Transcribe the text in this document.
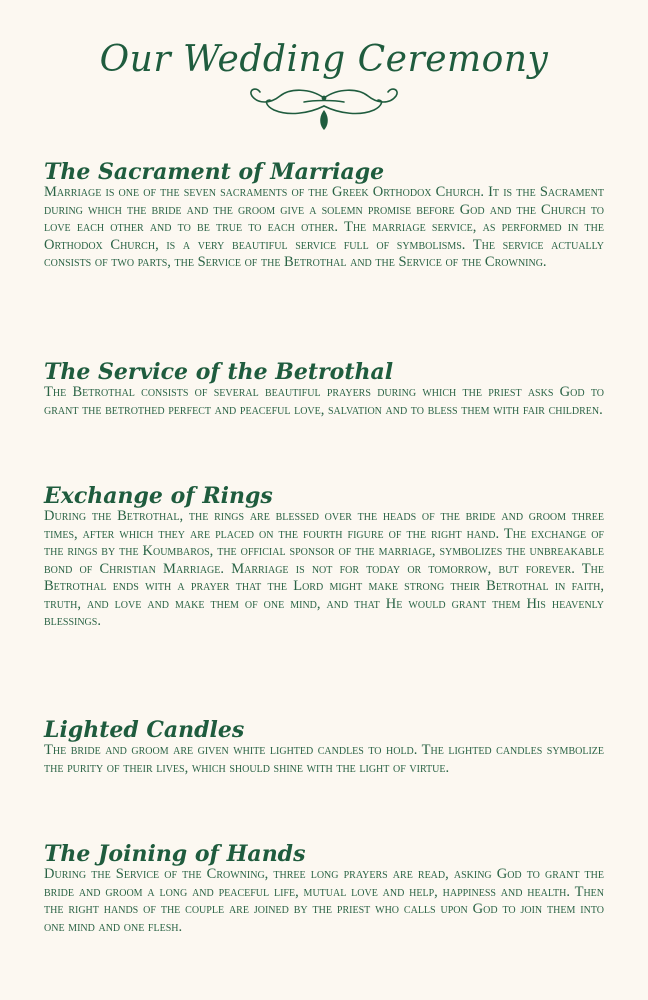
Our Wedding Ceremony
The Sacrament of Marriage

Marriage is one of the seven sacraments of the Greek Orthodox Church. It is the Sacrament during which the bride and the groom give a solemn promise before God and the Church to love each other and to be true to each other. The marriage service, as performed in the Orthodox Church, is a very beautiful service full of symbolisms. The service actually consists of two parts, the Service of the Betrothal and the Service of the Crowning.

The Service of the Betrothal

The Betrothal consists of several beautiful prayers during which the priest asks God to grant the betrothed perfect and peaceful love, salvation and to bless them with fair children.

Exchange of Rings

During the Betrothal, the rings are blessed over the heads of the bride and groom three times, after which they are placed on the fourth figure of the right hand. The exchange of the rings by the Koumbaros, the official sponsor of the marriage, symbolizes the unbreakable bond of Christian Marriage. Marriage is not for today or tomorrow, but forever. The Betrothal ends with a prayer that the Lord might make strong their Betrothal in faith, truth, and love and make them of one mind, and that He would grant them His heavenly blessings.

Lighted Candles

The bride and groom are given white lighted candles to hold. The lighted candles symbolize the purity of their lives, which should shine with the light of virtue.

The Joining of Hands

During the Service of the Crowning, three long prayers are read, asking God to grant the bride and groom a long and peaceful life, mutual love and help, happiness and health. Then the right hands of the couple are joined by the priest who calls upon God to join them into one mind and one flesh.
